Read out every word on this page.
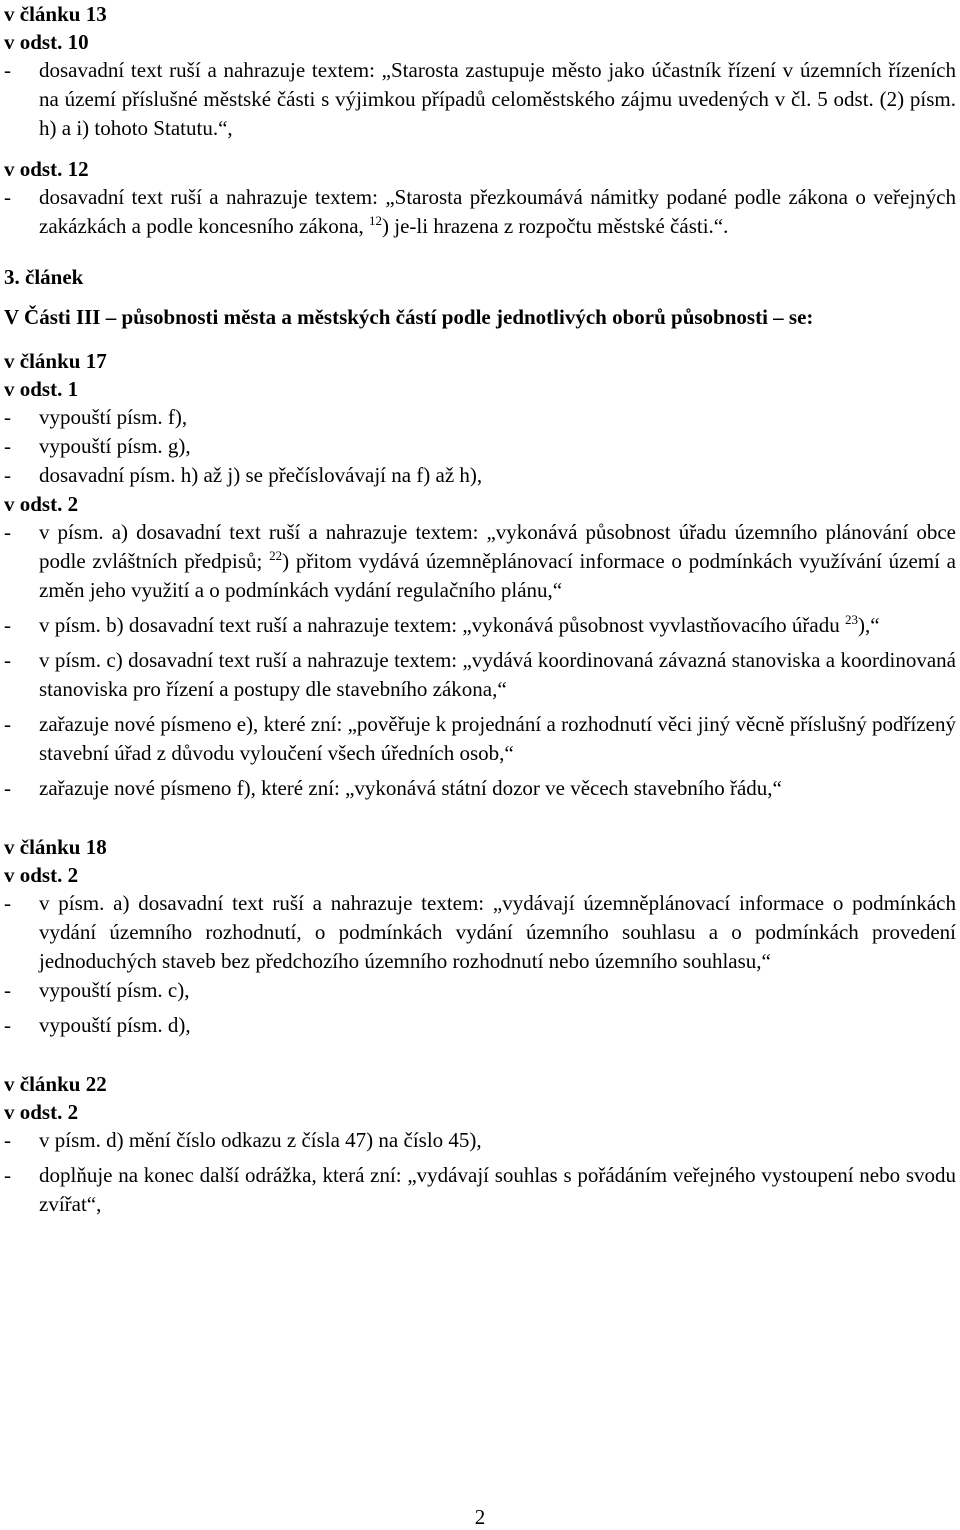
v článku 13
v odst. 10
- dosavadní text ruší a nahrazuje textem: „Starosta zastupuje město jako účastník řízení v územních řízeních na území příslušné městské části s výjimkou případů celoměstského zájmu uvedených v čl. 5 odst. (2) písm. h) a i) tohoto Statutu.“,

v odst. 12
- dosavadní text ruší a nahrazuje textem: „Starosta přezkoumává námitky podané podle zákona o veřejných zakázkách a podle koncesního zákona, $^{12}$) je-li hrazena z rozpočtu městské části.“.

3. článek
V Části III – působnosti města a městských částí podle jednotlivých oborů působnosti – se:
v článku 17
v odst. 1
- vypouští písm. f),

- vypouští písm. g),

- dosavadní písm. h) až j) se přečíslovávají na f) až h),

v odst. 2
- v písm. a) dosavadní text ruší a nahrazuje textem: „vykonává působnost úřadu územního plánování obce podle zvláštních předpisů; $^{22}$) přitom vydává územněplánovací informace o podmínkách využívání území a změn jeho využití a o podmínkách vydání regulačního plánu,“

- v písm. b) dosavadní text ruší a nahrazuje textem: „vykonává působnost vyvlastňovacího úřadu $^{23}$),“

- v písm. c) dosavadní text ruší a nahrazuje textem: „vydává koordinovaná závazná stanoviska a koordinovaná stanoviska pro řízení a postupy dle stavebního zákona,“

- zařazuje nové písmeno e), které zní: „pověřuje k projednání a rozhodnutí věci jiný věcně příslušný podřízený stavební úřad z důvodu vyloučení všech úředních osob,“

- zařazuje nové písmeno f), které zní: „vykonává státní dozor ve věcech stavebního řádu,“

v článku 18
v odst. 2
- v písm. a) dosavadní text ruší a nahrazuje textem: „vydávají územněplánovací informace o podmínkách vydání územního rozhodnutí, o podmínkách vydání územního souhlasu a o podmínkách provedení jednoduchých staveb bez předchozího územního rozhodnutí nebo územního souhlasu,“

- vypouští písm. c),

- vypouští písm. d),

v článku 22
v odst. 2
- v písm. d) mění číslo odkazu z čísla 47) na číslo 45),

- doplňuje na konec další odrážka, která zní: „vydávají souhlas s pořádáním veřejného vystoupení nebo svodu zvířat“,

2
